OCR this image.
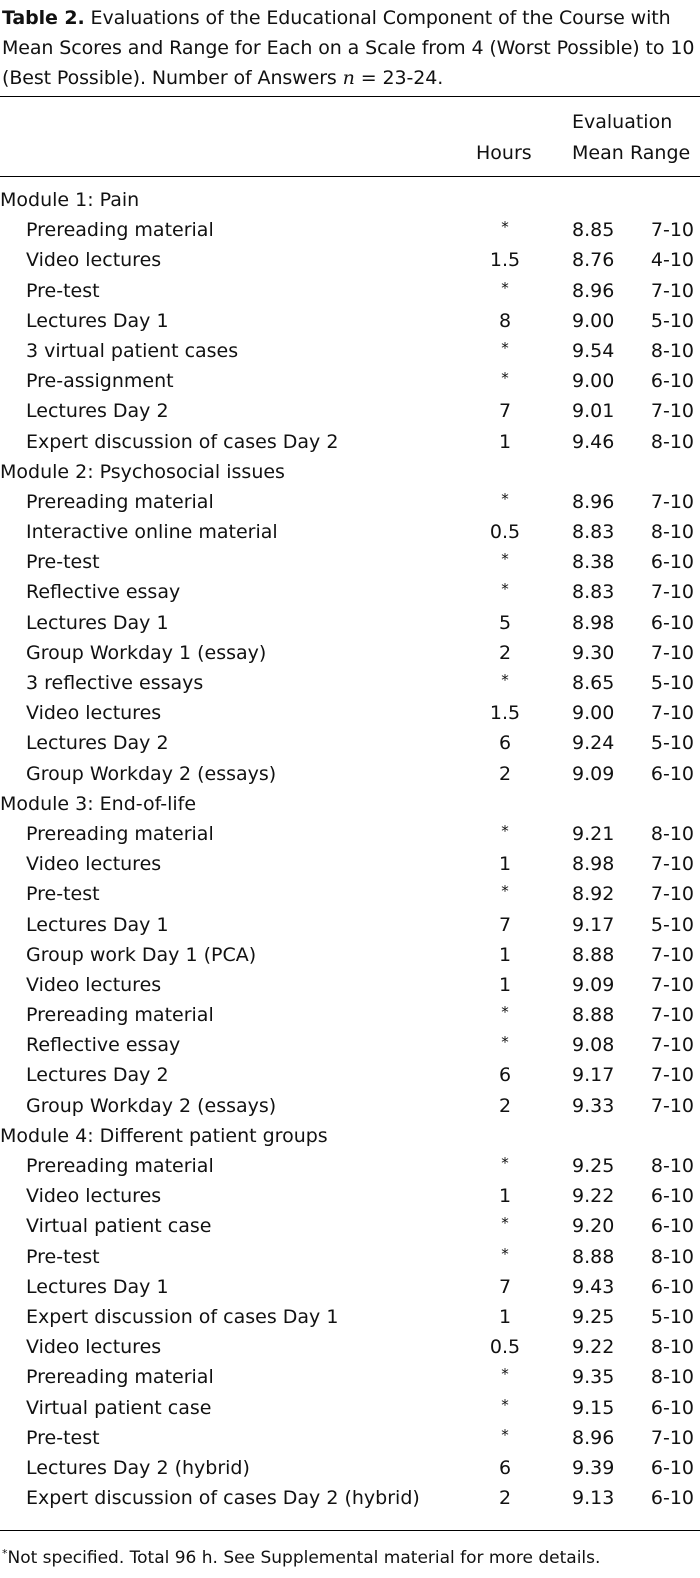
Table 2. Evaluations of the Educational Component of the Course with Mean Scores and Range for Each on a Scale from 4 (Worst Possible) to 10 (Best Possible). Number of Answers n = 23-24.
Evaluation
Hours Mean Range
Module 1: Pain
Prereading material	*	8.85 7-10
Video lectures	1.5	8.76 4-10
Pre-test	*	8.96 7-10
Lectures Day 1	8	9.00 5-10
3 virtual patient cases	*	9.54 8-10
Pre-assignment	*	9.00 6-10
Lectures Day 2	7	9.01 7-10
Expert discussion of cases Day 2	1	9.46 8-10
Module 2: Psychosocial issues
Prereading material	*	8.96 7-10
Interactive online material	0.5	8.83 8-10
Pre-test	*	8.38 6-10
Reflective essay	*	8.83 7-10
Lectures Day 1	5	8.98 6-10
Group Workday 1 (essay)	2	9.30 7-10
3 reflective essays	*	8.65 5-10
Video lectures	1.5	9.00 7-10
Lectures Day 2	6	9.24 5-10
Group Workday 2 (essays)	2	9.09 6-10
Module 3: End-of-life
Prereading material	*	9.21 8-10
Video lectures	1	8.98 7-10
Pre-test	*	8.92 7-10
Lectures Day 1	7	9.17 5-10
Group work Day 1 (PCA)	1	8.88 7-10
Video lectures	1	9.09 7-10
Prereading material	*	8.88 7-10
Reflective essay	*	9.08 7-10
Lectures Day 2	6	9.17 7-10
Group Workday 2 (essays)	2	9.33 7-10
Module 4: Different patient groups
Prereading material	*	9.25 8-10
Video lectures	1	9.22 6-10
Virtual patient case	*	9.20 6-10
Pre-test	*	8.88 8-10
Lectures Day 1	7	9.43 6-10
Expert discussion of cases Day 1	1	9.25 5-10
Video lectures	0.5	9.22 8-10
Prereading material	*	9.35 8-10
Virtual patient case	*	9.15 6-10
Pre-test	*	8.96 7-10
Lectures Day 2 (hybrid)	6	9.39 6-10
Expert discussion of cases Day 2 (hybrid)	2	9.13 6-10
*Not specified. Total 96 h. See Supplemental material for more details.
